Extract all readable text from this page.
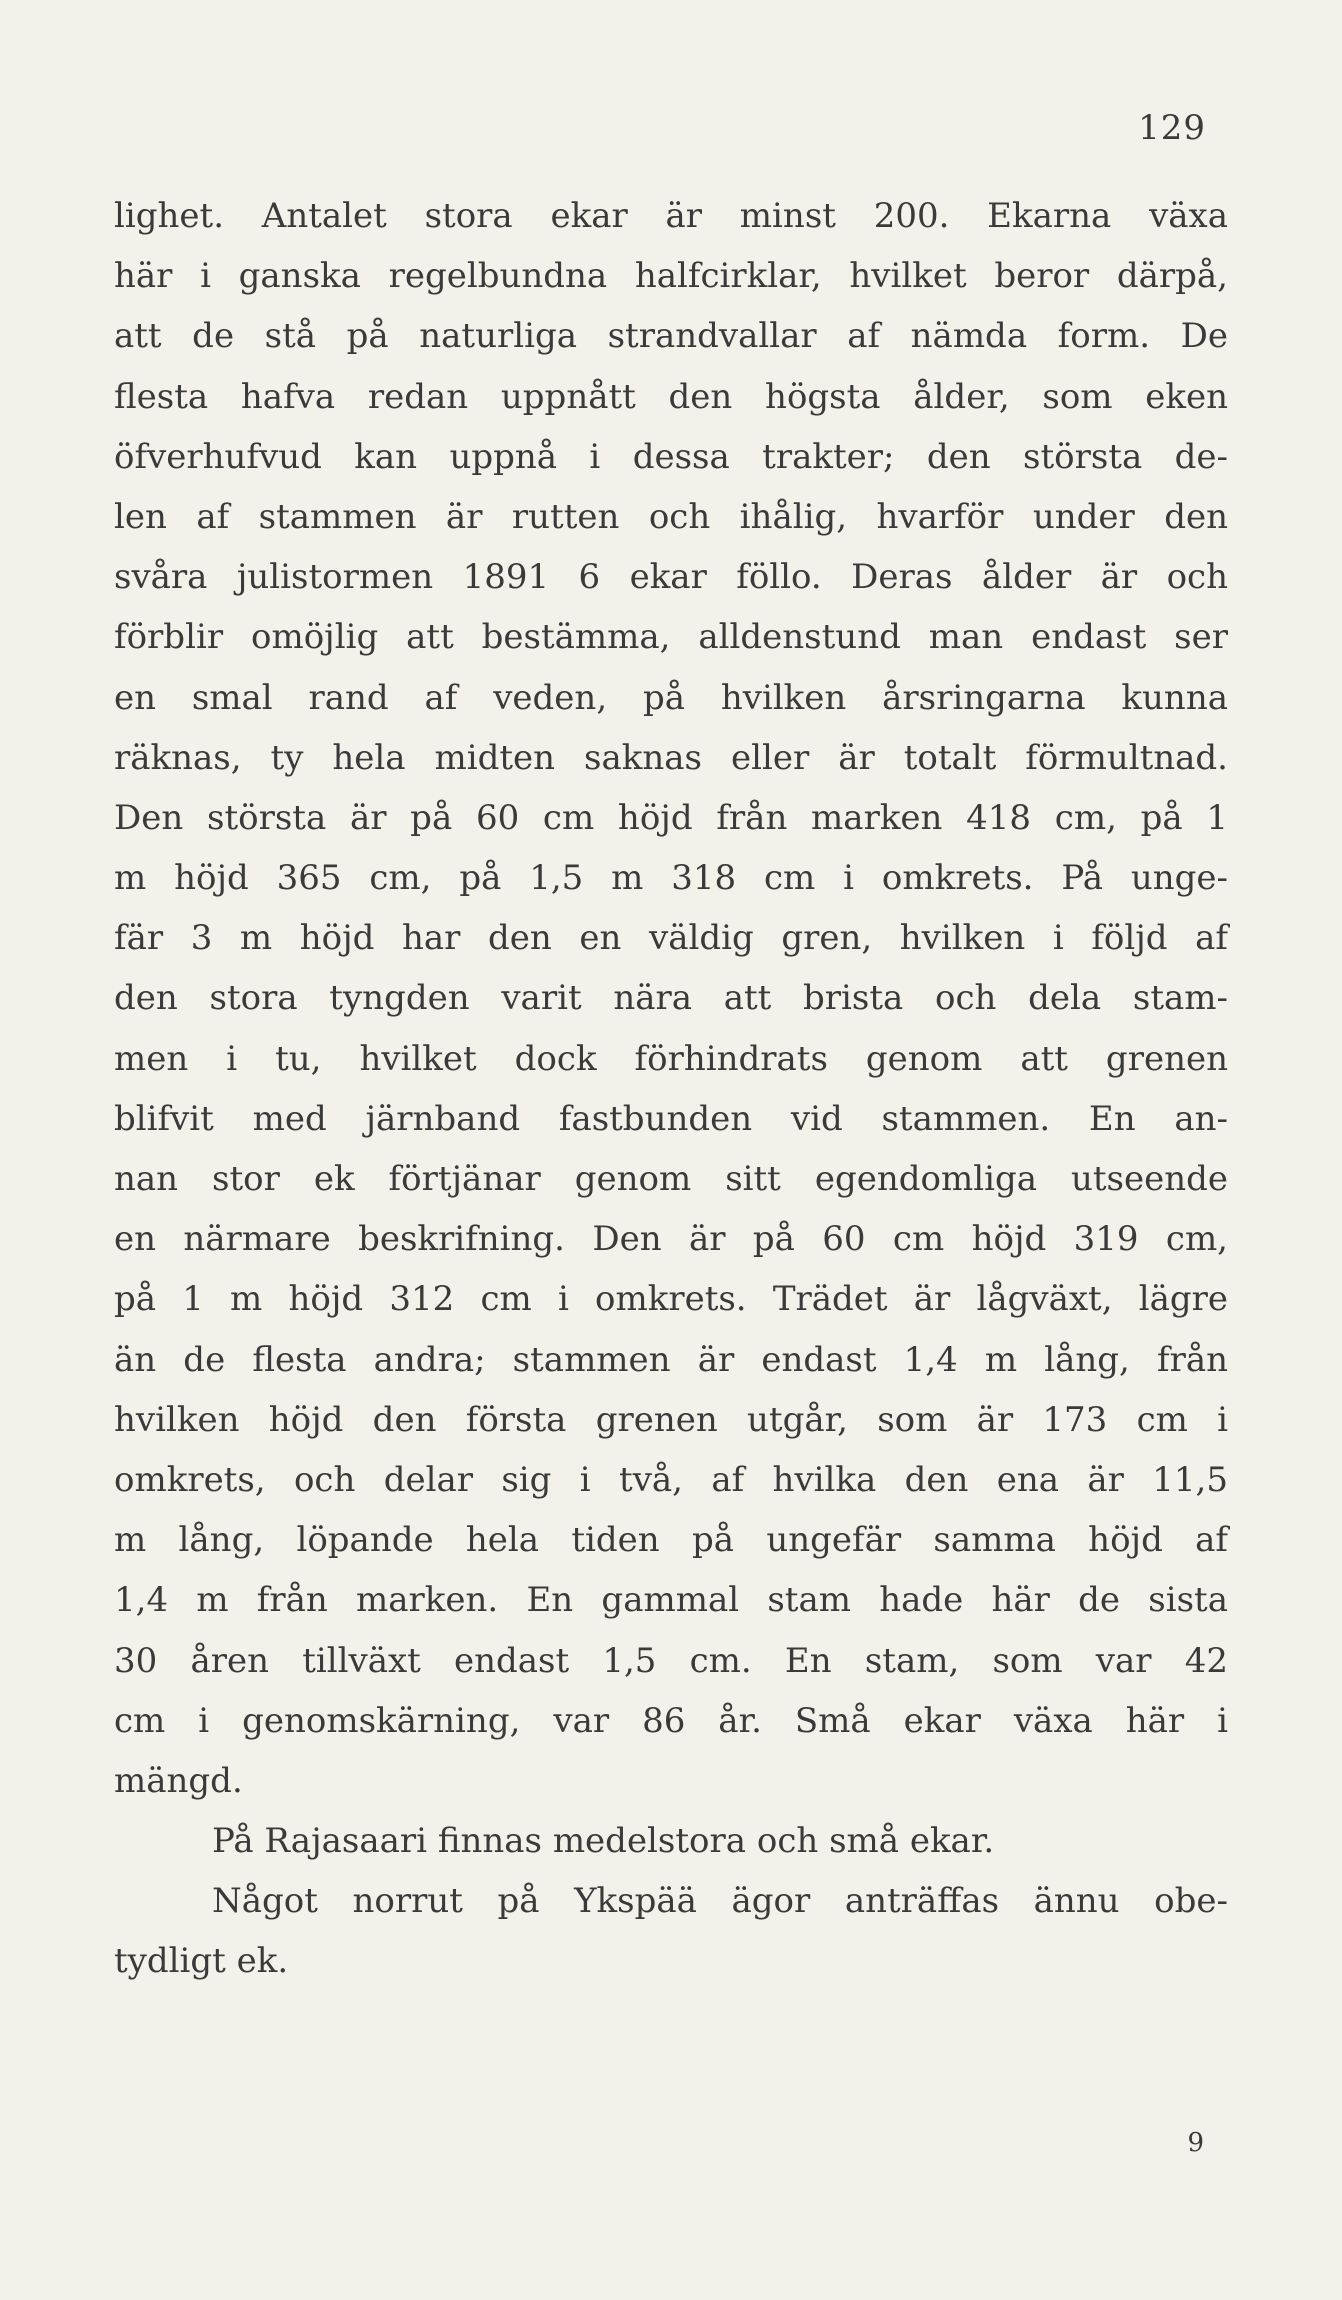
129
lighet. Antalet stora ekar är minst 200. Ekarna växa
här i ganska regelbundna halfcirklar, hvilket beror därpå,
att de stå på naturliga strandvallar af nämda form. De
flesta hafva redan uppnått den högsta ålder, som eken
öfverhufvud kan uppnå i dessa trakter; den största de-
len af stammen är rutten och ihålig, hvarför under den
svåra julistormen 1891 6 ekar föllo. Deras ålder är och
förblir omöjlig att bestämma, alldenstund man endast ser
en smal rand af veden, på hvilken årsringarna kunna
räknas, ty hela midten saknas eller är totalt förmultnad.
Den största är på 60 cm höjd från marken 418 cm, på 1
m höjd 365 cm, på 1,5 m 318 cm i omkrets. På unge-
fär 3 m höjd har den en väldig gren, hvilken i följd af
den stora tyngden varit nära att brista och dela stam-
men i tu, hvilket dock förhindrats genom att grenen
blifvit med järnband fastbunden vid stammen. En an-
nan stor ek förtjänar genom sitt egendomliga utseende
en närmare beskrifning. Den är på 60 cm höjd 319 cm,
på 1 m höjd 312 cm i omkrets. Trädet är lågväxt, lägre
än de flesta andra; stammen är endast 1,4 m lång, från
hvilken höjd den första grenen utgår, som är 173 cm i
omkrets, och delar sig i två, af hvilka den ena är 11,5
m lång, löpande hela tiden på ungefär samma höjd af
1,4 m från marken. En gammal stam hade här de sista
30 åren tillväxt endast 1,5 cm. En stam, som var 42
cm i genomskärning, var 86 år. Små ekar växa här i
mängd.
På Rajasaari finnas medelstora och små ekar.
Något norrut på Ykspää ägor anträffas ännu obe-
tydligt ek.
9
